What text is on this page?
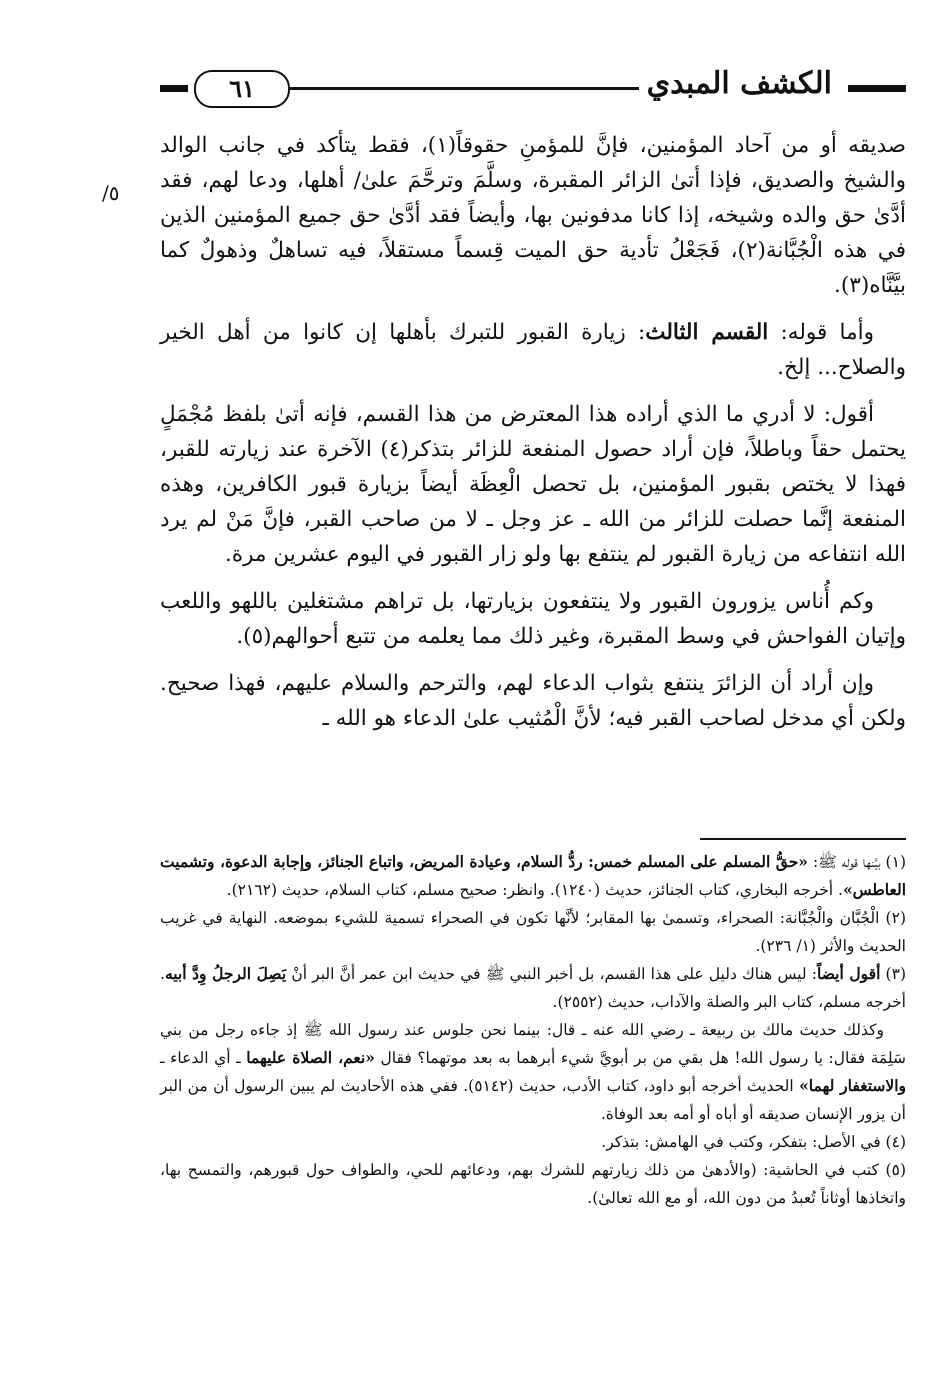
الكشف المبدي
٦١
٥/

صديقه أو من آحاد المؤمنين، فإنَّ للمؤمنِ حقوقاً(١)، فقط يتأكد في جانب الوالد والشيخ والصديق، فإذا أتىٰ الزائر المقبرة، وسلَّمَ وترحَّمَ علىٰ/ أهلها، ودعا لهم، فقد أدَّىٰ حق والده وشيخه، إذا كانا مدفونين بها، وأيضاً فقد أدَّىٰ حق جميع المؤمنين الذين في هذه الْجُبَّانة(٢)، فَجَعْلُ تأدية حق الميت قِسماً مستقلاً، فيه تساهلٌ وذهولٌ كما بيَّنَّاه(٣).

وأما قوله: القسم الثالث: زيارة القبور للتبرك بأهلها إن كانوا من أهل الخير والصلاح... إلخ.

أقول: لا أدري ما الذي أراده هذا المعترض من هذا القسم، فإنه أتىٰ بلفظ مُجْمَلٍ يحتمل حقاً وباطلاً، فإن أراد حصول المنفعة للزائر بتذكر(٤) الآخرة عند زيارته للقبر، فهذا لا يختص بقبور المؤمنين، بل تحصل الْعِظَة أيضاً بزيارة قبور الكافرين، وهذه المنفعة إنَّما حصلت للزائر من الله ـ عز وجل ـ لا من صاحب القبر، فإنَّ مَنْ لم يرد الله انتفاعه من زيارة القبور لم ينتفع بها ولو زار القبور في اليوم عشرين مرة.

وكم أُناس يزورون القبور ولا ينتفعون بزيارتها، بل تراهم مشتغلين باللهو واللعب وإتيان الفواحش في وسط المقبرة، وغير ذلك مما يعلمه من تتبع أحوالهم(٥).

وإن أراد أن الزائرَ ينتفع بثواب الدعاء لهم، والترحم والسلام عليهم، فهذا صحيح. ولكن أي مدخل لصاحب القبر فيه؛ لأنَّ الْمُثيب علىٰ الدعاء هو الله ـ

(١) بيَّنها قوله ﷺ: «حقُّ المسلم على المسلم خمس: ردُّ السلام، وعيادة المريض، واتباع الجنائز، وإجابة الدعوة، وتشميت العاطس». أخرجه البخاري، كتاب الجنائز، حديث (١٢٤٠). وانظر: صحيح مسلم، كتاب السلام، حديث (٢١٦٢).

(٢) الْجُبَّان والْجُبَّانة: الصحراء، وتسمىٰ بها المقابر؛ لأنَّها تكون في الصحراء تسمية للشيء بموضعه. النهاية في غريب الحديث والأثر (١/ ٢٣٦).

(٣) أقول أيضاً: ليس هناك دليل على هذا القسم، بل أخبر النبي ﷺ في حديث ابن عمر أنَّ البر أنْ يَصِلَ الرجلُ وِدَّ أبيه. أخرجه مسلم، كتاب البر والصلة والآداب، حديث (٢٥٥٢).

وكذلك حديث مالك بن ربيعة ـ رضي الله عنه ـ قال: بينما نحن جلوس عند رسول الله ﷺ إذ جاءه رجل من بني سَلِمَة فقال: يا رسول الله! هل بقي من بر أبويَّ شيء أبرهما به بعد موتهما؟ فقال «نعم، الصلاة عليهما ـ أي الدعاء ـ والاستغفار لهما» الحديث أخرجه أبو داود، كتاب الأدب، حديث (٥١٤٢). ففي هذه الأحاديث لم يبين الرسول أن من البر أن يزور الإنسان صديقه أو أباه أو أمه بعد الوفاة.

(٤) في الأصل: بتفكر، وكتب في الهامش: بتذكر.

(٥) كتب في الحاشية: (والأدهىٰ من ذلك زيارتهم للشرك بهم، ودعائهم للحي، والطواف حول قبورهم، والتمسح بها، واتخاذها أوثاناً تُعبدُ من دون الله، أو مع الله تعالىٰ).
